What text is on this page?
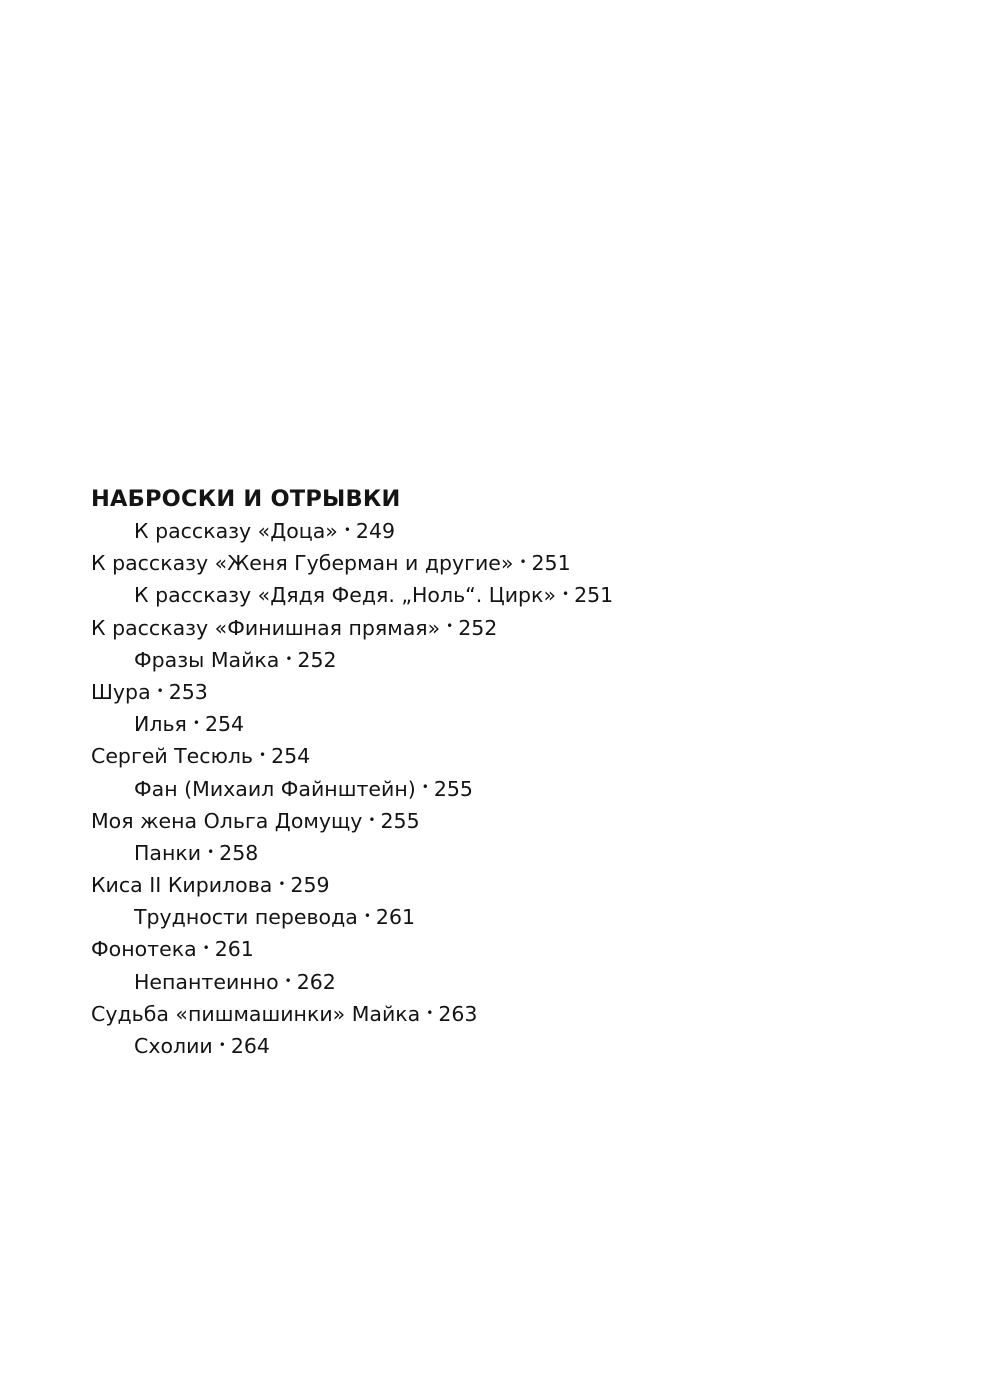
НАБРОСКИ И ОТРЫВКИ
К рассказу «Доца» • 249
К рассказу «Женя Губерман и другие» • 251
К рассказу «Дядя Федя. „Ноль“. Цирк» • 251
К рассказу «Финишная прямая» • 252
Фразы Майка • 252
Шура • 253
Илья • 254
Сергей Тесюль • 254
Фан (Михаил Файнштейн) • 255
Моя жена Ольга Домущу • 255
Панки • 258
Киса II Кирилова • 259
Трудности перевода • 261
Фонотека • 261
Непантеинно • 262
Судьба «пишмашинки» Майка • 263
Схолии • 264
